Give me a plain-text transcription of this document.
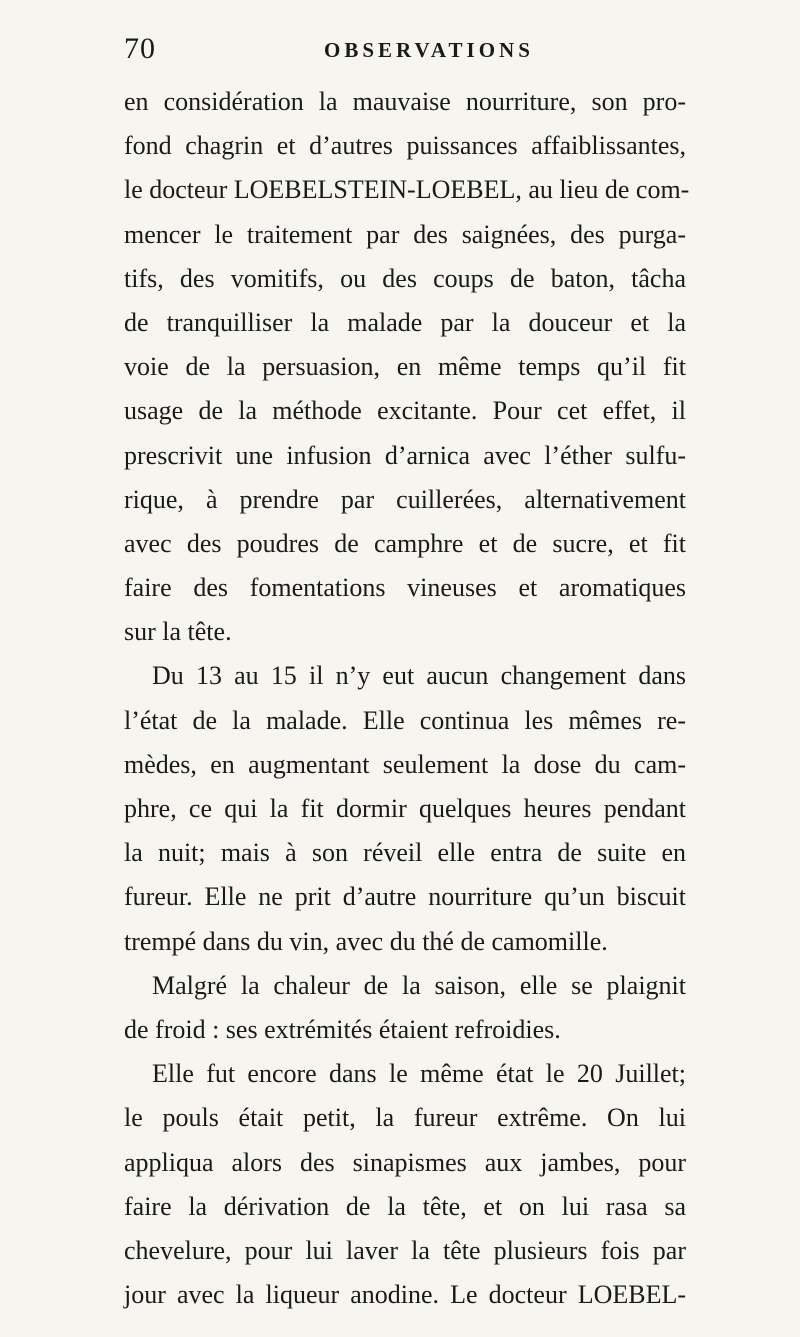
70	OBSERVATIONS
en considération la mauvaise nourriture, son pro-
fond chagrin et d’autres puissances affaiblissantes,
le docteur LOEBELSTEIN-LOEBEL, au lieu de com-
mencer le traitement par des saignées, des purga-
tifs, des vomitifs, ou des coups de baton, tâcha
de tranquilliser la malade par la douceur et la
voie de la persuasion, en même temps qu’il fit
usage de la méthode excitante. Pour cet effet, il
prescrivit une infusion d’arnica avec l’éther sulfu-
rique, à prendre par cuillerées, alternativement
avec des poudres de camphre et de sucre, et fit
faire des fomentations vineuses et aromatiques
sur la tête.
Du 13 au 15 il n’y eut aucun changement dans
l’état de la malade. Elle continua les mêmes re-
mèdes, en augmentant seulement la dose du cam-
phre, ce qui la fit dormir quelques heures pendant
la nuit; mais à son réveil elle entra de suite en
fureur. Elle ne prit d’autre nourriture qu’un biscuit
trempé dans du vin, avec du thé de camomille.
Malgré la chaleur de la saison, elle se plaignit
de froid : ses extrémités étaient refroidies.
Elle fut encore dans le même état le 20 Juillet;
le pouls était petit, la fureur extrême. On lui
appliqua alors des sinapismes aux jambes, pour
faire la dérivation de la tête, et on lui rasa sa
chevelure, pour lui laver la tête plusieurs fois par
jour avec la liqueur anodine. Le docteur LOEBEL-
